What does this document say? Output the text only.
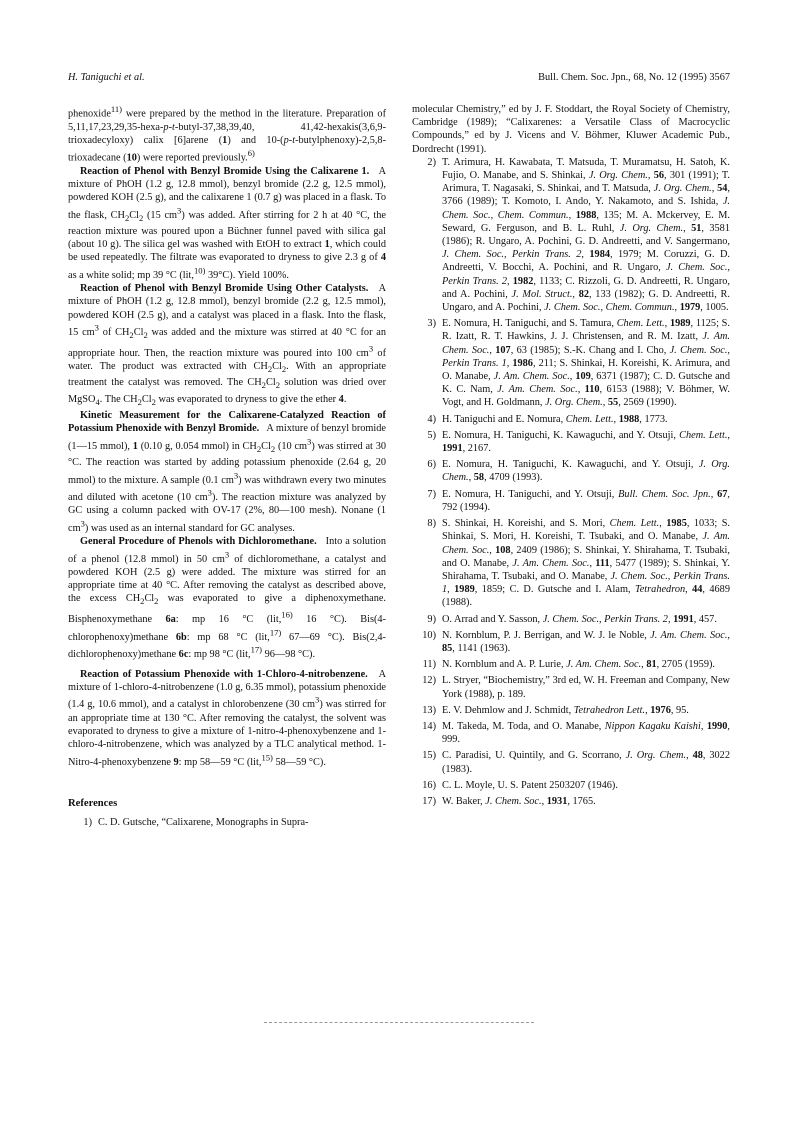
H. Taniguchi et al.	Bull. Chem. Soc. Jpn., 68, No. 12 (1995) 3567

phenoxide$^{11)}$ were prepared by the method in the literature. Preparation of 5,11,17,23,29,35-hexa-p-t-butyl-37,38,39,40, 41,42-hexakis(3,6,9-trioxadecyloxy) calix [6]arene (1) and 10-(p-t-butylphenoxy)-2,5,8-trioxadecane (10) were reported previously.$^{6)}$

Reaction of Phenol with Benzyl Bromide Using the Calixarene 1. A mixture of PhOH (1.2 g, 12.8 mmol), benzyl bromide (2.2 g, 12.5 mmol), powdered KOH (2.5 g), and the calixarene 1 (0.7 g) was placed in a flask. To the flask, $CH_2Cl_2$ (15 $cm^3$) was added. After stirring for 2 h at 40 °C, the reaction mixture was poured upon a Büchner funnel paved with silica gal (about 10 g). The silica gel was washed with EtOH to extract 1, which could be used repeatedly. The filtrate was evaporated to dryness to give 2.3 g of 4 as a white solid; mp 39 °C (lit,$^{10)}$ 39°C). Yield 100%.

Reaction of Phenol with Benzyl Bromide Using Other Catalysts. A mixture of PhOH (1.2 g, 12.8 mmol), benzyl bromide (2.2 g, 12.5 mmol), powdered KOH (2.5 g), and a catalyst was placed in a flask. Into the flask, 15 $cm^3$ of $CH_2Cl_2$ was added and the mixture was stirred at 40 °C for an appropriate hour. Then, the reaction mixture was poured into 100 $cm^3$ of water. The product was extracted with $CH_2Cl_2$. With an appropriate treatment the catalyst was removed. The $CH_2Cl_2$ solution was dried over MgSO$_4$. The $CH_2Cl_2$ was evaporated to dryness to give the ether 4.

Kinetic Measurement for the Calixarene-Catalyzed Reaction of Potassium Phenoxide with Benzyl Bromide. A mixture of benzyl bromide (1—15 mmol), 1 (0.10 g, 0.054 mmol) in $CH_2Cl_2$ (10 $cm^3$) was stirred at 30 °C. The reaction was started by adding potassium phenoxide (2.64 g, 20 mmol) to the mixture. A sample (0.1 $cm^3$) was withdrawn every two minutes and diluted with acetone (10 $cm^3$). The reaction mixture was analyzed by GC using a column packed with OV-17 (2%, 80—100 mesh). Nonane (1 $cm^3$) was used as an internal standard for GC analyses.

General Procedure of Phenols with Dichloromethane. Into a solution of a phenol (12.8 mmol) in 50 $cm^3$ of dichloromethane, a catalyst and powdered KOH (2.5 g) were added. The mixture was stirred for an appropriate time at 40 °C. After removing the catalyst as described above, the excess $CH_2Cl_2$ was evaporated to give a diphenoxymethane. Bisphenoxymethane 6a: mp 16 °C (lit,$^{16)}$ 16 °C). Bis(4-chlorophenoxy)methane 6b: mp 68 °C (lit,$^{17)}$ 67—69 °C). Bis(2,4-dichlorophenoxy)methane 6c: mp 98 °C (lit,$^{17)}$ 96—98 °C).

Reaction of Potassium Phenoxide with 1-Chloro-4-nitrobenzene. A mixture of 1-chloro-4-nitrobenzene (1.0 g, 6.35 mmol), potassium phenoxide (1.4 g, 10.6 mmol), and a catalyst in chlorobenzene (30 $cm^3$) was stirred for an appropriate time at 130 °C. After removing the catalyst, the solvent was evaporated to dryness to give a mixture of 1-nitro-4-phenoxybenzene and 1-chloro-4-nitrobenzene, which was analyzed by a TLC analytical method. 1-Nitro-4-phenoxybenzene 9: mp 58—59 °C (lit,$^{15)}$ 58—59 °C).

References
1) C. D. Gutsche, “Calixarene, Monographs in Supra-

molecular Chemistry,” ed by J. F. Stoddart, the Royal Society of Chemistry, Cambridge (1989); “Calixarenes: a Versatile Class of Macrocyclic Compounds,” ed by J. Vicens and V. Böhmer, Kluwer Academic Pub., Dordrecht (1991).

2) T. Arimura, H. Kawabata, T. Matsuda, T. Muramatsu, H. Satoh, K. Fujio, O. Manabe, and S. Shinkai, J. Org. Chem., 56, 301 (1991); T. Arimura, T. Nagasaki, S. Shinkai, and T. Matsuda, J. Org. Chem., 54, 3766 (1989); T. Komoto, I. Ando, Y. Nakamoto, and S. Ishida, J. Chem. Soc., Chem. Commun., 1988, 135; M. A. Mckervey, E. M. Seward, G. Ferguson, and B. L. Ruhl, J. Org. Chem., 51, 3581 (1986); R. Ungaro, A. Pochini, G. D. Andreetti, and V. Sangermano, J. Chem. Soc., Perkin Trans. 2, 1984, 1979; M. Coruzzi, G. D. Andreetti, V. Bocchi, A. Pochini, and R. Ungaro, J. Chem. Soc., Perkin Trans. 2, 1982, 1133; C. Rizzoli, G. D. Andreetti, R. Ungaro, and A. Pochini, J. Mol. Struct., 82, 133 (1982); G. D. Andreetti, R. Ungaro, and A. Pochini, J. Chem. Soc., Chem. Commun., 1979, 1005.
3) E. Nomura, H. Taniguchi, and S. Tamura, Chem. Lett., 1989, 1125; S. R. Izatt, R. T. Hawkins, J. J. Christensen, and R. M. Izatt, J. Am. Chem. Soc., 107, 63 (1985); S.-K. Chang and I. Cho, J. Chem. Soc., Perkin Trans. 1, 1986, 211; S. Shinkai, H. Koreishi, K. Arimura, and O. Manabe, J. Am. Chem. Soc., 109, 6371 (1987); C. D. Gutsche and K. C. Nam, J. Am. Chem. Soc., 110, 6153 (1988); V. Böhmer, W. Vogt, and H. Goldmann, J. Org. Chem., 55, 2569 (1990).
4) H. Taniguchi and E. Nomura, Chem. Lett., 1988, 1773.
5) E. Nomura, H. Taniguchi, K. Kawaguchi, and Y. Otsuji, Chem. Lett., 1991, 2167.
6) E. Nomura, H. Taniguchi, K. Kawaguchi, and Y. Otsuji, J. Org. Chem., 58, 4709 (1993).
7) E. Nomura, H. Taniguchi, and Y. Otsuji, Bull. Chem. Soc. Jpn., 67, 792 (1994).
8) S. Shinkai, H. Koreishi, and S. Mori, Chem. Lett., 1985, 1033; S. Shinkai, S. Mori, H. Koreishi, T. Tsubaki, and O. Manabe, J. Am. Chem. Soc., 108, 2409 (1986); S. Shinkai, Y. Shirahama, T. Tsubaki, and O. Manabe, J. Am. Chem. Soc., 111, 5477 (1989); S. Shinkai, Y. Shirahama, T. Tsubaki, and O. Manabe, J. Chem. Soc., Perkin Trans. 1, 1989, 1859; C. D. Gutsche and I. Alam, Tetrahedron, 44, 4689 (1988).
9) O. Arrad and Y. Sasson, J. Chem. Soc., Perkin Trans. 2, 1991, 457.
10) N. Kornblum, P. J. Berrigan, and W. J. le Noble, J. Am. Chem. Soc., 85, 1141 (1963).
11) N. Kornblum and A. P. Lurie, J. Am. Chem. Soc., 81, 2705 (1959).
12) L. Stryer, “Biochemistry,” 3rd ed, W. H. Freeman and Company, New York (1988), p. 189.
13) E. V. Dehmlow and J. Schmidt, Tetrahedron Lett., 1976, 95.
14) M. Takeda, M. Toda, and O. Manabe, Nippon Kagaku Kaishi, 1990, 999.
15) C. Paradisi, U. Quintily, and G. Scorrano, J. Org. Chem., 48, 3022 (1983).
16) C. L. Moyle, U. S. Patent 2503207 (1946).
17) W. Baker, J. Chem. Soc., 1931, 1765.
